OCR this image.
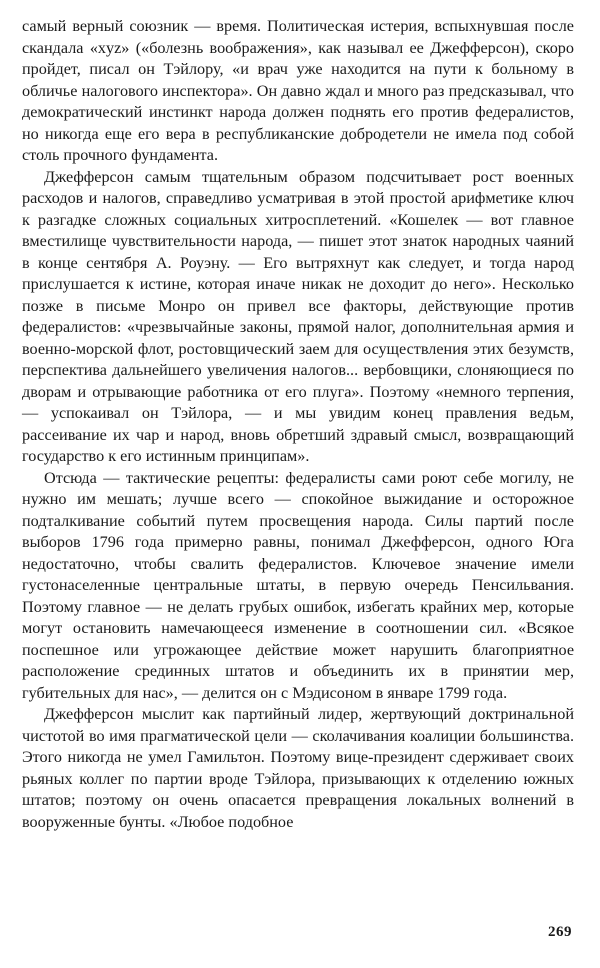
самый верный союзник — время. Политическая истерия, вспыхнувшая после скандала «xyz» («болезнь воображения», как называл ее Джефферсон), скоро пройдет, писал он Тэйлору, «и врач уже находится на пути к больному в обличье налогового инспектора». Он давно ждал и много раз предсказывал, что демократический инстинкт народа должен поднять его против федералистов, но никогда еще его вера в республиканские добродетели не имела под собой столь прочного фундамента.

Джефферсон самым тщательным образом подсчитывает рост военных расходов и налогов, справедливо усматривая в этой простой арифметике ключ к разгадке сложных социальных хитросплетений. «Кошелек — вот главное вместилище чувствительности народа, — пишет этот знаток народных чаяний в конце сентября А. Роуэну. — Его вытряхнут как следует, и тогда народ прислушается к истине, которая иначе никак не доходит до него». Несколько позже в письме Монро он привел все факторы, действующие против федералистов: «чрезвычайные законы, прямой налог, дополнительная армия и военно-морской флот, ростовщический заем для осуществления этих безумств, перспектива дальнейшего увеличения налогов... вербовщики, слоняющиеся по дворам и отрывающие работника от его плуга». Поэтому «немного терпения, — успокаивал он Тэйлора, — и мы увидим конец правления ведьм, рассеивание их чар и народ, вновь обретший здравый смысл, возвращающий государство к его истинным принципам».

Отсюда — тактические рецепты: федералисты сами роют себе могилу, не нужно им мешать; лучше всего — спокойное выжидание и осторожное подталкивание событий путем просвещения народа. Силы партий после выборов 1796 года примерно равны, понимал Джефферсон, одного Юга недостаточно, чтобы свалить федералистов. Ключевое значение имели густонаселенные центральные штаты, в первую очередь Пенсильвания. Поэтому главное — не делать грубых ошибок, избегать крайних мер, которые могут остановить намечающееся изменение в соотношении сил. «Всякое поспешное или угрожающее действие может нарушить благоприятное расположение срединных штатов и объединить их в принятии мер, губительных для нас», — делится он с Мэдисоном в январе 1799 года.

Джефферсон мыслит как партийный лидер, жертвующий доктринальной чистотой во имя прагматической цели — сколачивания коалиции большинства. Этого никогда не умел Гамильтон. Поэтому вице-президент сдерживает своих рьяных коллег по партии вроде Тэйлора, призывающих к отделению южных штатов; поэтому он очень опасается превращения локальных волнений в вооруженные бунты. «Любое подобное

269
